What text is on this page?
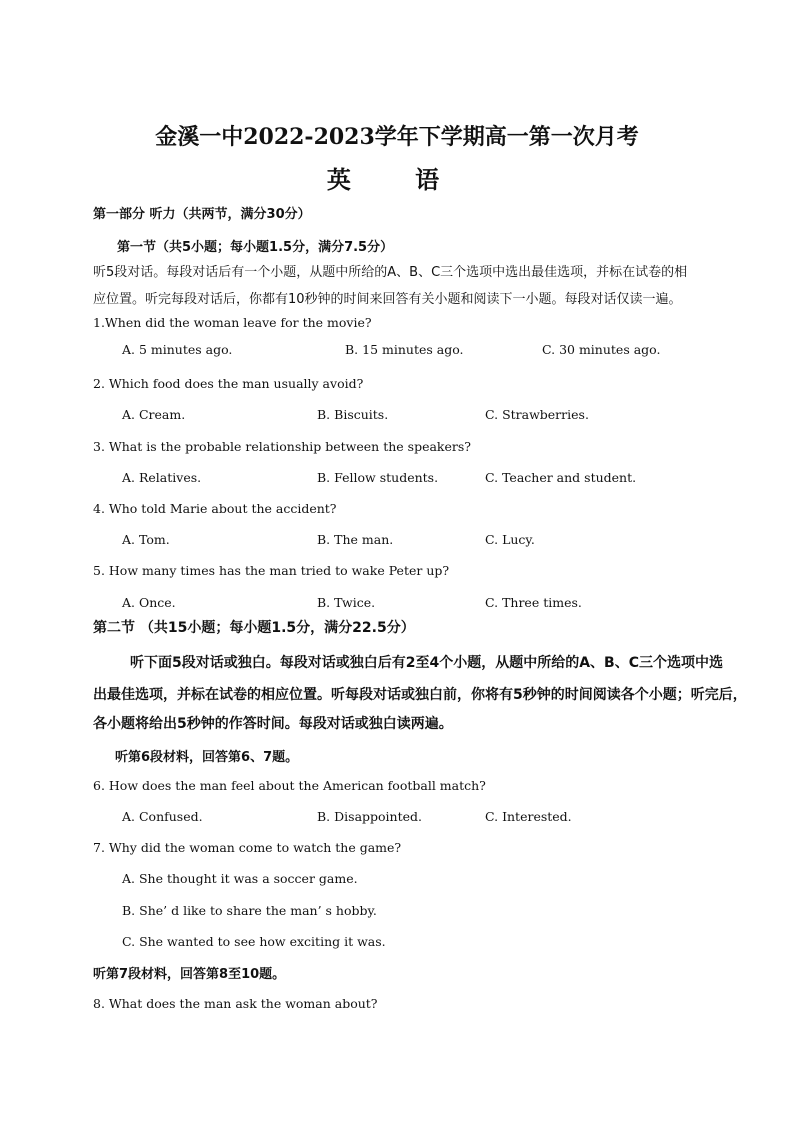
金溪一中2022-2023学年下学期高一第一次月考
英 语
第一部分 听力（共两节，满分30分）
第一节（共5小题；每小题1.5分，满分7.5分）
听5段对话。每段对话后有一个小题，从题中所给的A、B、C三个选项中选出最佳选项，并标在试卷的相
应位置。听完每段对话后，你都有10秒钟的时间来回答有关小题和阅读下一小题。每段对话仅读一遍。
1.When did the woman leave for the movie?
A. 5 minutes ago.	B. 15 minutes ago.	C. 30 minutes ago.
2. Which food does the man usually avoid?
A. Cream.	B. Biscuits.	C. Strawberries.
3. What is the probable relationship between the speakers?
A. Relatives.	B. Fellow students.	C. Teacher and student.
4. Who told Marie about the accident?
A. Tom.	B. The man.	C. Lucy.
5. How many times has the man tried to wake Peter up?
A. Once.	B. Twice.	C. Three times.
第二节 （共15小题；每小题1.5分，满分22.5分）
听下面5段对话或独白。每段对话或独白后有2至4个小题，从题中所给的A、B、C三个选项中选
出最佳选项，并标在试卷的相应位置。听每段对话或独白前，你将有5秒钟的时间阅读各个小题；听完后，
各小题将给出5秒钟的作答时间。每段对话或独白读两遍。
听第6段材料，回答第6、7题。
6. How does the man feel about the American football match?
A. Confused.	B. Disappointed.	C. Interested.
7. Why did the woman come to watch the game?
A. She thought it was a soccer game.
B. She’ d like to share the man’ s hobby.
C. She wanted to see how exciting it was.
听第7段材料，回答第8至10题。
8. What does the man ask the woman about?
